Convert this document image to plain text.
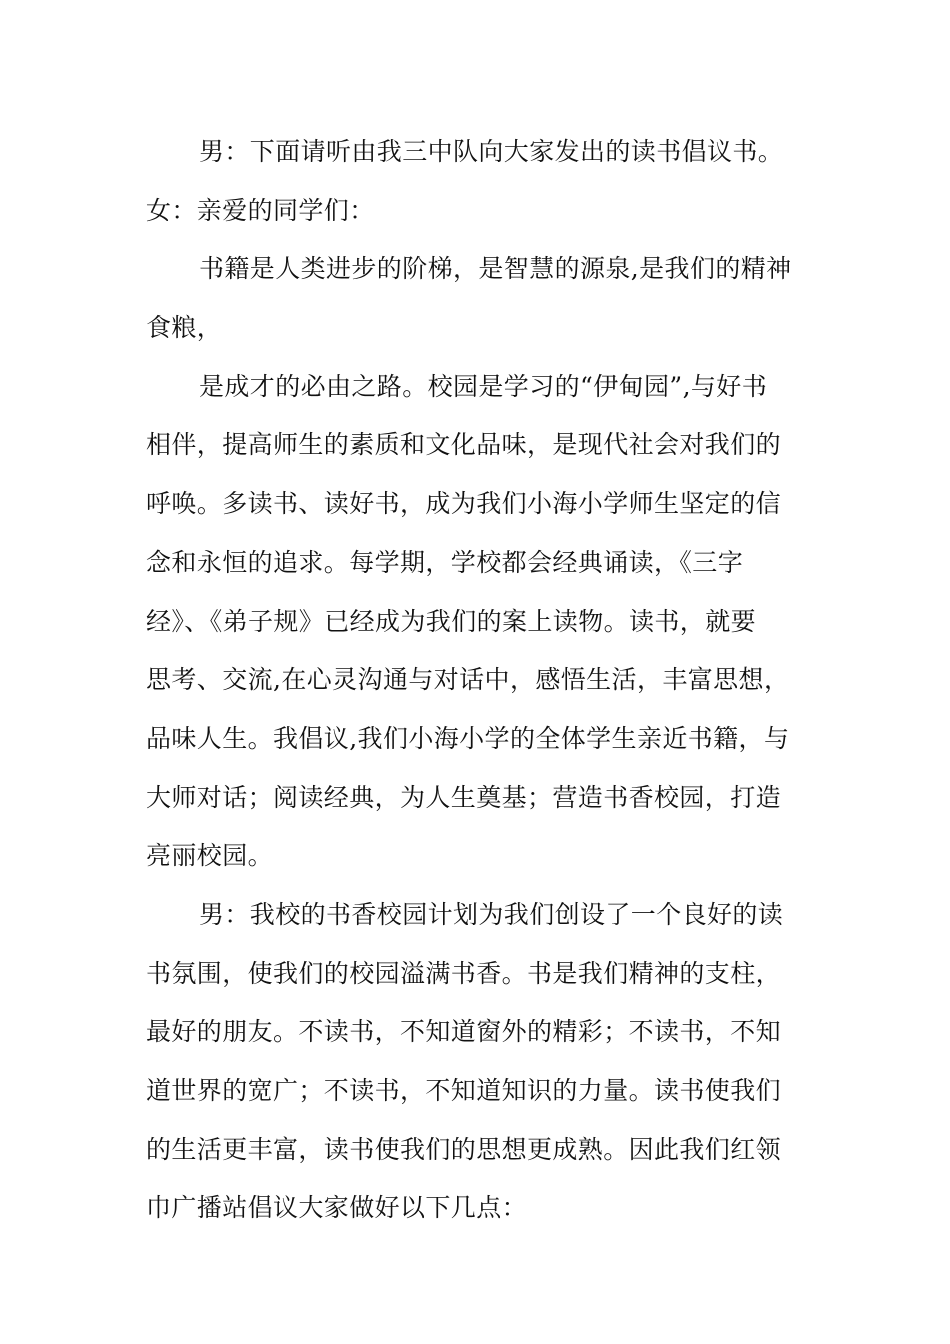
男：下面请听由我三中队向大家发出的读书倡议书。
女：亲爱的同学们：
书籍是人类进步的阶梯，是智慧的源泉,是我们的精神
食粮，
是成才的必由之路。校园是学习的“伊甸园”,与好书
相伴，提高师生的素质和文化品味，是现代社会对我们的
呼唤。多读书、读好书，成为我们小海小学师生坚定的信
念和永恒的追求。每学期，学校都会经典诵读，《三字
经》、《弟子规》已经成为我们的案上读物。读书，就要
思考、交流,在心灵沟通与对话中，感悟生活，丰富思想，
品味人生。我倡议,我们小海小学的全体学生亲近书籍，与
大师对话；阅读经典，为人生奠基；营造书香校园，打造
亮丽校园。
男：我校的书香校园计划为我们创设了一个良好的读
书氛围，使我们的校园溢满书香。书是我们精神的支柱，
最好的朋友。不读书，不知道窗外的精彩；不读书，不知
道世界的宽广；不读书，不知道知识的力量。读书使我们
的生活更丰富，读书使我们的思想更成熟。因此我们红领
巾广播站倡议大家做好以下几点：
